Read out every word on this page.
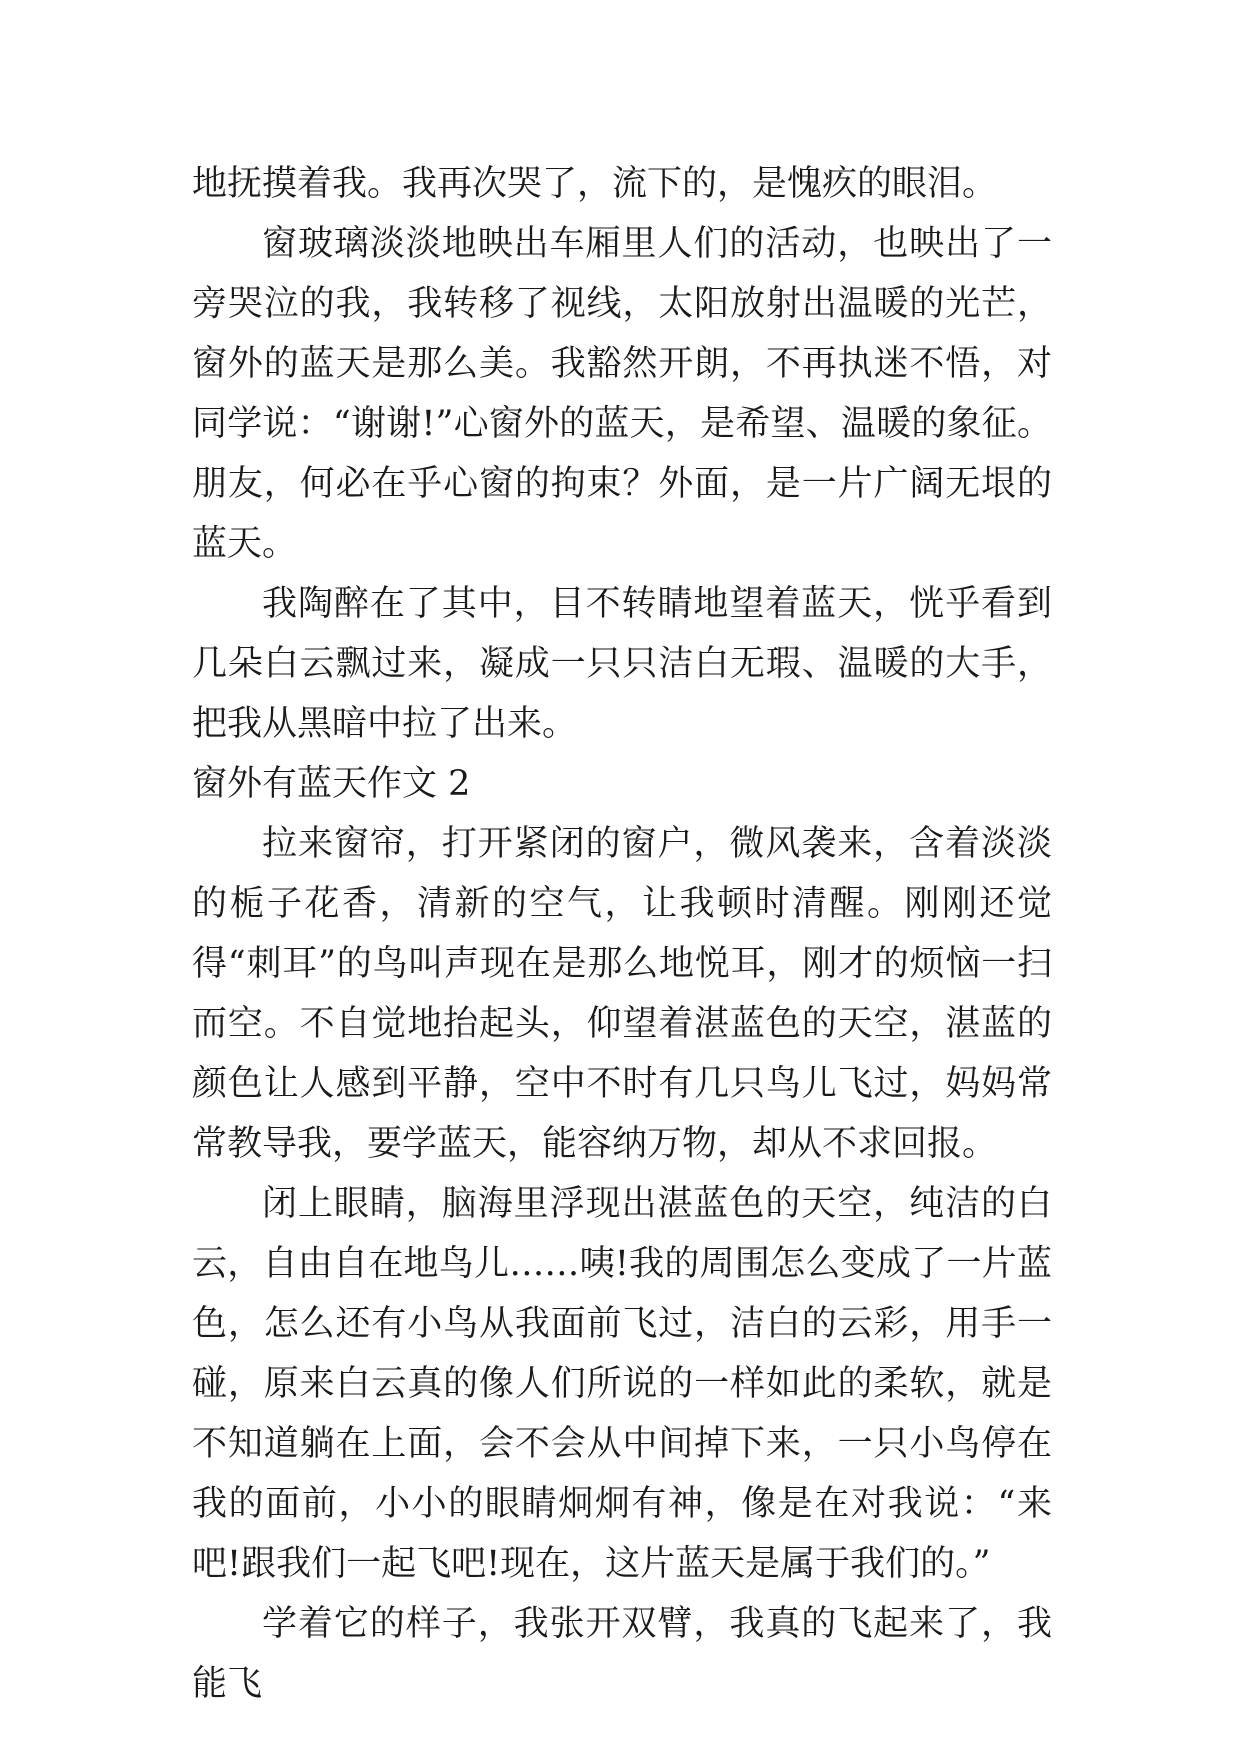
地抚摸着我。我再次哭了，流下的，是愧疚的眼泪。

窗玻璃淡淡地映出车厢里人们的活动，也映出了一旁哭泣的我，我转移了视线，太阳放射出温暖的光芒，窗外的蓝天是那么美。我豁然开朗，不再执迷不悟，对同学说：“谢谢!”心窗外的蓝天，是希望、温暖的象征。朋友，何必在乎心窗的拘束？外面，是一片广阔无垠的蓝天。

我陶醉在了其中，目不转睛地望着蓝天，恍乎看到几朵白云飘过来，凝成一只只洁白无瑕、温暖的大手，把我从黑暗中拉了出来。

窗外有蓝天作文 2

拉来窗帘，打开紧闭的窗户，微风袭来，含着淡淡的栀子花香，清新的空气，让我顿时清醒。刚刚还觉得“刺耳”的鸟叫声现在是那么地悦耳，刚才的烦恼一扫而空。不自觉地抬起头，仰望着湛蓝色的天空，湛蓝的颜色让人感到平静，空中不时有几只鸟儿飞过，妈妈常常教导我，要学蓝天，能容纳万物，却从不求回报。

闭上眼睛，脑海里浮现出湛蓝色的天空，纯洁的白云，自由自在地鸟儿……咦!我的周围怎么变成了一片蓝色，怎么还有小鸟从我面前飞过，洁白的云彩，用手一碰，原来白云真的像人们所说的一样如此的柔软，就是不知道躺在上面，会不会从中间掉下来，一只小鸟停在我的面前，小小的眼睛炯炯有神，像是在对我说：“来吧!跟我们一起飞吧!现在，这片蓝天是属于我们的。”

学着它的样子，我张开双臂，我真的飞起来了，我能飞
